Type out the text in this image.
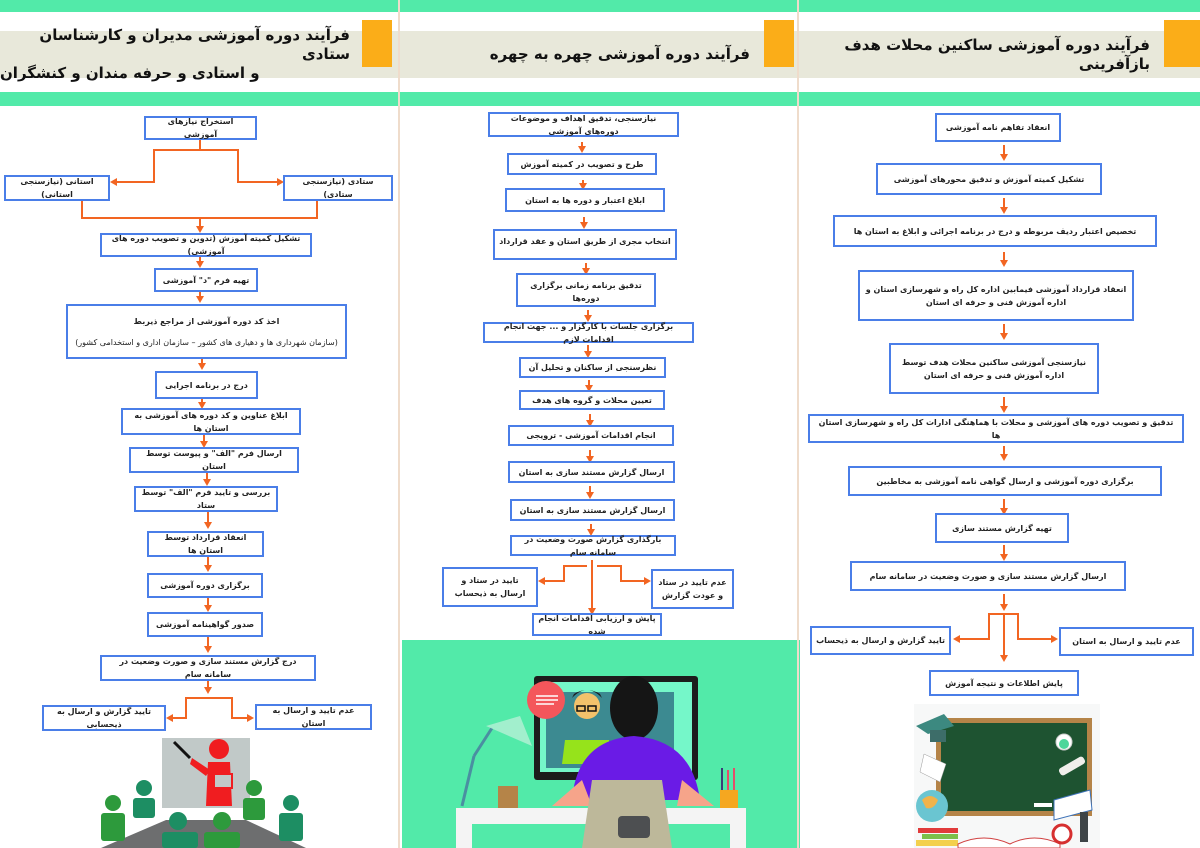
فرآیند دوره آموزشی مدیران و کارشناسان ستادی
و استادی و حرفه مندان و کنشگران
استخراج نیازهای آموزشی
استانی (نیازسنجی استانی)
ستادی (نیازسنجی ستادی)
تشکیل کمیته آموزش (تدوین و تصویب دوره های آموزشی)
تهیه فرم "د" آموزشی
اخذ کد دوره آموزشی از مراجع ذیربط
(سازمان شهرداری ها و دهیاری های کشور – سازمان اداری و استخدامی کشور)
درج در برنامه اجرایی
ابلاغ عناوین و کد دوره های آموزشی به استان ها
ارسال فرم "الف" و پیوست توسط استان
بررسی و تایید فرم "الف" توسط ستاد
انعقاد قرارداد توسط استان ها
برگزاری دوره آموزشی
صدور گواهینامه آموزشی
درج گزارش مستند سازی و صورت وضعیت در سامانه سام
تایید گزارش و ارسال به ذیحسابی
عدم تایید و ارسال به استان
فرآیند دوره آموزشی چهره به چهره
نیازسنجی، تدقیق اهداف و موضوعات دوره‌های آموزشی
طرح و تصویب در کمیته آموزش
ابلاغ اعتبار و دوره ها به استان
انتخاب مجری از طریق استان و عقد قرارداد
تدقیق برنامه زمانی برگزاری دوره‌ها
برگزاری جلسات با کارگزار و ... جهت انجام اقدامات لازم
نظرسنجی از ساکنان و تحلیل آن
تعیین محلات و گروه های هدف
انجام اقدامات آموزشی - ترویجی
ارسال گزارش مستند سازی به استان
ارسال گزارش مستند سازی به استان
بارگذاری گزارش صورت وضعیت در سامانه سام
تایید در ستاد و ارسال به ذیحساب
عدم تایید در ستاد و عودت گزارش
پایش و ارزیابی اقدامات انجام شده
فرآیند دوره آموزشی ساکنین محلات هدف بازآفرینی
انعقاد تفاهم نامه آموزشی
تشکیل کمیته آموزش و تدقیق محورهای آموزشی
تخصیص اعتبار ردیف مربوطه و درج در برنامه اجرائی و ابلاغ به استان ها
انعقاد قرارداد آموزشی فیمابین اداره کل راه و شهرسازی استان و اداره آموزش فنی و حرفه ای استان
نیازسنجی آموزشی ساکنین محلات هدف توسط اداره آموزش فنی و حرفه ای استان
تدقیق و تصویب دوره های آموزشی و محلات با هماهنگی ادارات کل راه و شهرسازی استان ها
برگزاری دوره آموزشی و ارسال گواهی نامه آموزشی به مخاطبین
تهیه گزارش مستند سازی
ارسال گزارش مستند سازی و صورت وضعیت در سامانه سام
تایید گزارش و ارسال به ذیحساب	عدم تایید و ارسال به استان
پایش اطلاعات و نتیجه آموزش
